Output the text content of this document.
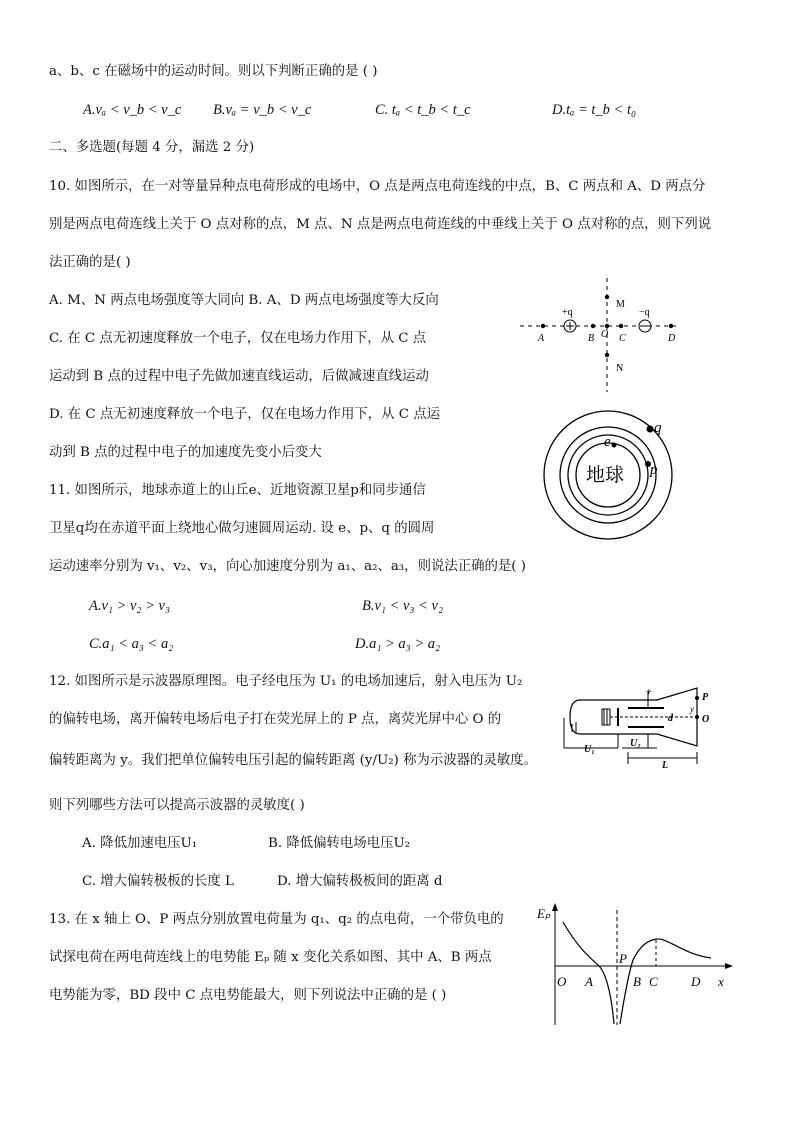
a、b、c 在磁场中的运动时间。则以下判断正确的是 ( )
A.vₐ < v_b < v_c B.vₐ = v_b < v_c	C. tₐ < t_b < t_c	D.tₐ = t_b < t₀
二、多选题(每题 4 分，漏选 2 分)
10. 如图所示，在一对等量异种点电荷形成的电场中，O 点是两点电荷连线的中点，B、C 两点和 A、D 两点分
别是两点电荷连线上关于 O 点对称的点，M 点、N 点是两点电荷连线的中垂线上关于 O 点对称的点，则下列说
法正确的是( )
A. M、N 两点电场强度等大同向 B. A、D 两点电场强度等大反向
C. 在 C 点无初速度释放一个电子，仅在电场力作用下，从 C 点
运动到 B 点的过程中电子先做加速直线运动，后做减速直线运动
D. 在 C 点无初速度释放一个电子，仅在电场力作用下，从 C 点运
动到 B 点的过程中电子的加速度先变小后变大
+q	−q
A	B O C	D
M
N
11. 如图所示，地球赤道上的山丘e、近地资源卫星p和同步通信
卫星q均在赤道平面上绕地心做匀速圆周运动. 设 e、p、q 的圆周
运动速率分别为 v₁、v₂、v₃，向心加速度分别为 a₁、a₂、a₃，则说法正确的是( )
A.v₁ > v₂ > v₃	B.v₁ < v₃ < v₂
C.a₁ < a₃ < a₂	D.a₁ > a₃ > a₂
地球
e
p
q
12. 如图所示是示波器原理图。电子经电压为 U₁ 的电场加速后，射入电压为 U₂
的偏转电场，离开偏转电场后电子打在荧光屏上的 P 点，离荧光屏中心 O 的
偏转距离为 y。我们把单位偏转电压引起的偏转距离 (y/U₂) 称为示波器的灵敏度。
则下列哪些方法可以提高示波器的灵敏度( )
A. 降低加速电压U₁	B. 降低偏转电场电压U₂
C. 增大偏转极板的长度 L	D. 增大偏转极板间的距离 d
+	P
O
d
y
U₁
U₂
L
13. 在 x 轴上 O、P 两点分别放置电荷量为 q₁、q₂ 的点电荷，一个带负电的
试探电荷在两电荷连线上的电势能 Eₚ 随 x 变化关系如图、其中 A、B 两点
电势能为零，BD 段中 C 点电势能最大，则下列说法中正确的是 ( )
Eₚ
O A
P
B C	D x
